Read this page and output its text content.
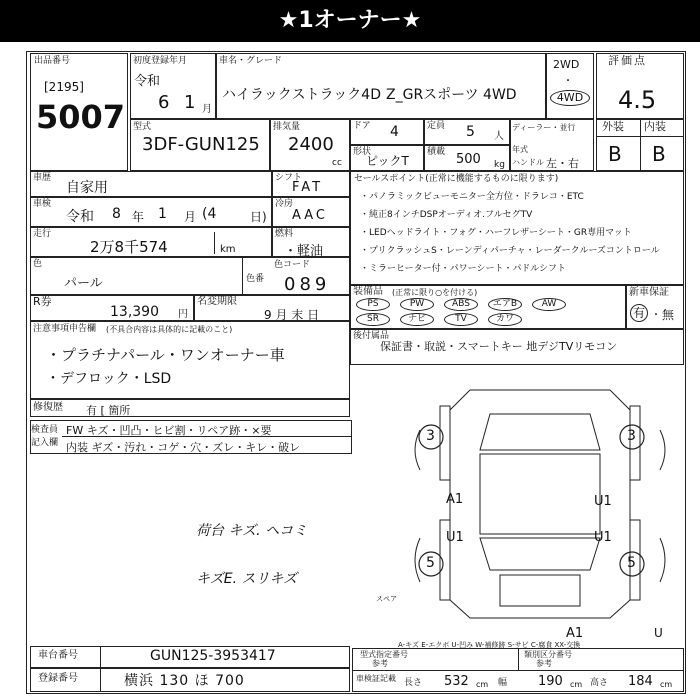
★1オーナー★
出品番号
[2195]
5007
初度登録年月
令和
6 1 月
車名・グレード
ハイラックストラック4D Z_GRスポーツ 4WD
2WD
・
4WD
評価点
4.5
型式
3DF-GUN125
排気量
2400
cc
ドア 4	定員 5 人
ディーラー・並行
年式
外装 内装
B B
形状
ピックT
積載 500 kg ハンドル 左・右
車歴
自家用
シフト
FAT
車検
令和 8 年 1 月 (4	日)
冷房
AAC
走行
2万8千574	km
燃料
・軽油
色
パール	色番
色コード
089
R券
13,390 円
名変期限
9 月 末 日
セールスポイント(正常に機能するものに限ります)
・パノラミックビューモニター全方位・ドラレコ・ETC
・純正8インチDSPオーディオ.フルセグTV
・LEDヘッドライト・フォグ・ハーフレザーシート・GR専用マット
・プリクラッシュS・レーンディパーチャ・レーダークルーズコントロール
・ミラーヒーター付・パワーシート・パドルシフト
装備品 (正常に限り○を付ける)
PS	PW	ABS	エアB	AW
SR	ナビ	TV	カワ
新車保証
有 ・ 無
後付属品
保証書・取説・スマートキー 地デジTVリモコン
注意事項申告欄 (不具合内容は具体的に記載のこと)
・プラチナパール・ワンオーナー車
・デフロック・LSD
修復歴 有 [ 箇所
検査員
記入欄
FW キズ・凹凸・ヒビ割・リペア跡・×要
内装 ギズ・汚れ・コゲ・穴・ズレ・キレ・破レ
荷台 キズ. ヘコミ
キズE. スリキズ
3	3
A1	U1
U1	U1
5	5
A1	U
スペア
A-キズ E-エクボ U-凹み W-補修跡 S-サビ C-腐食 XX-交換
車台番号	GUN125-3953417
登録番号	横浜 130 ほ 700
型式指定番号
参考
類別区分番号
参考
車検証記載 長さ 532 cm 幅 190 cm 高さ 184 cm
